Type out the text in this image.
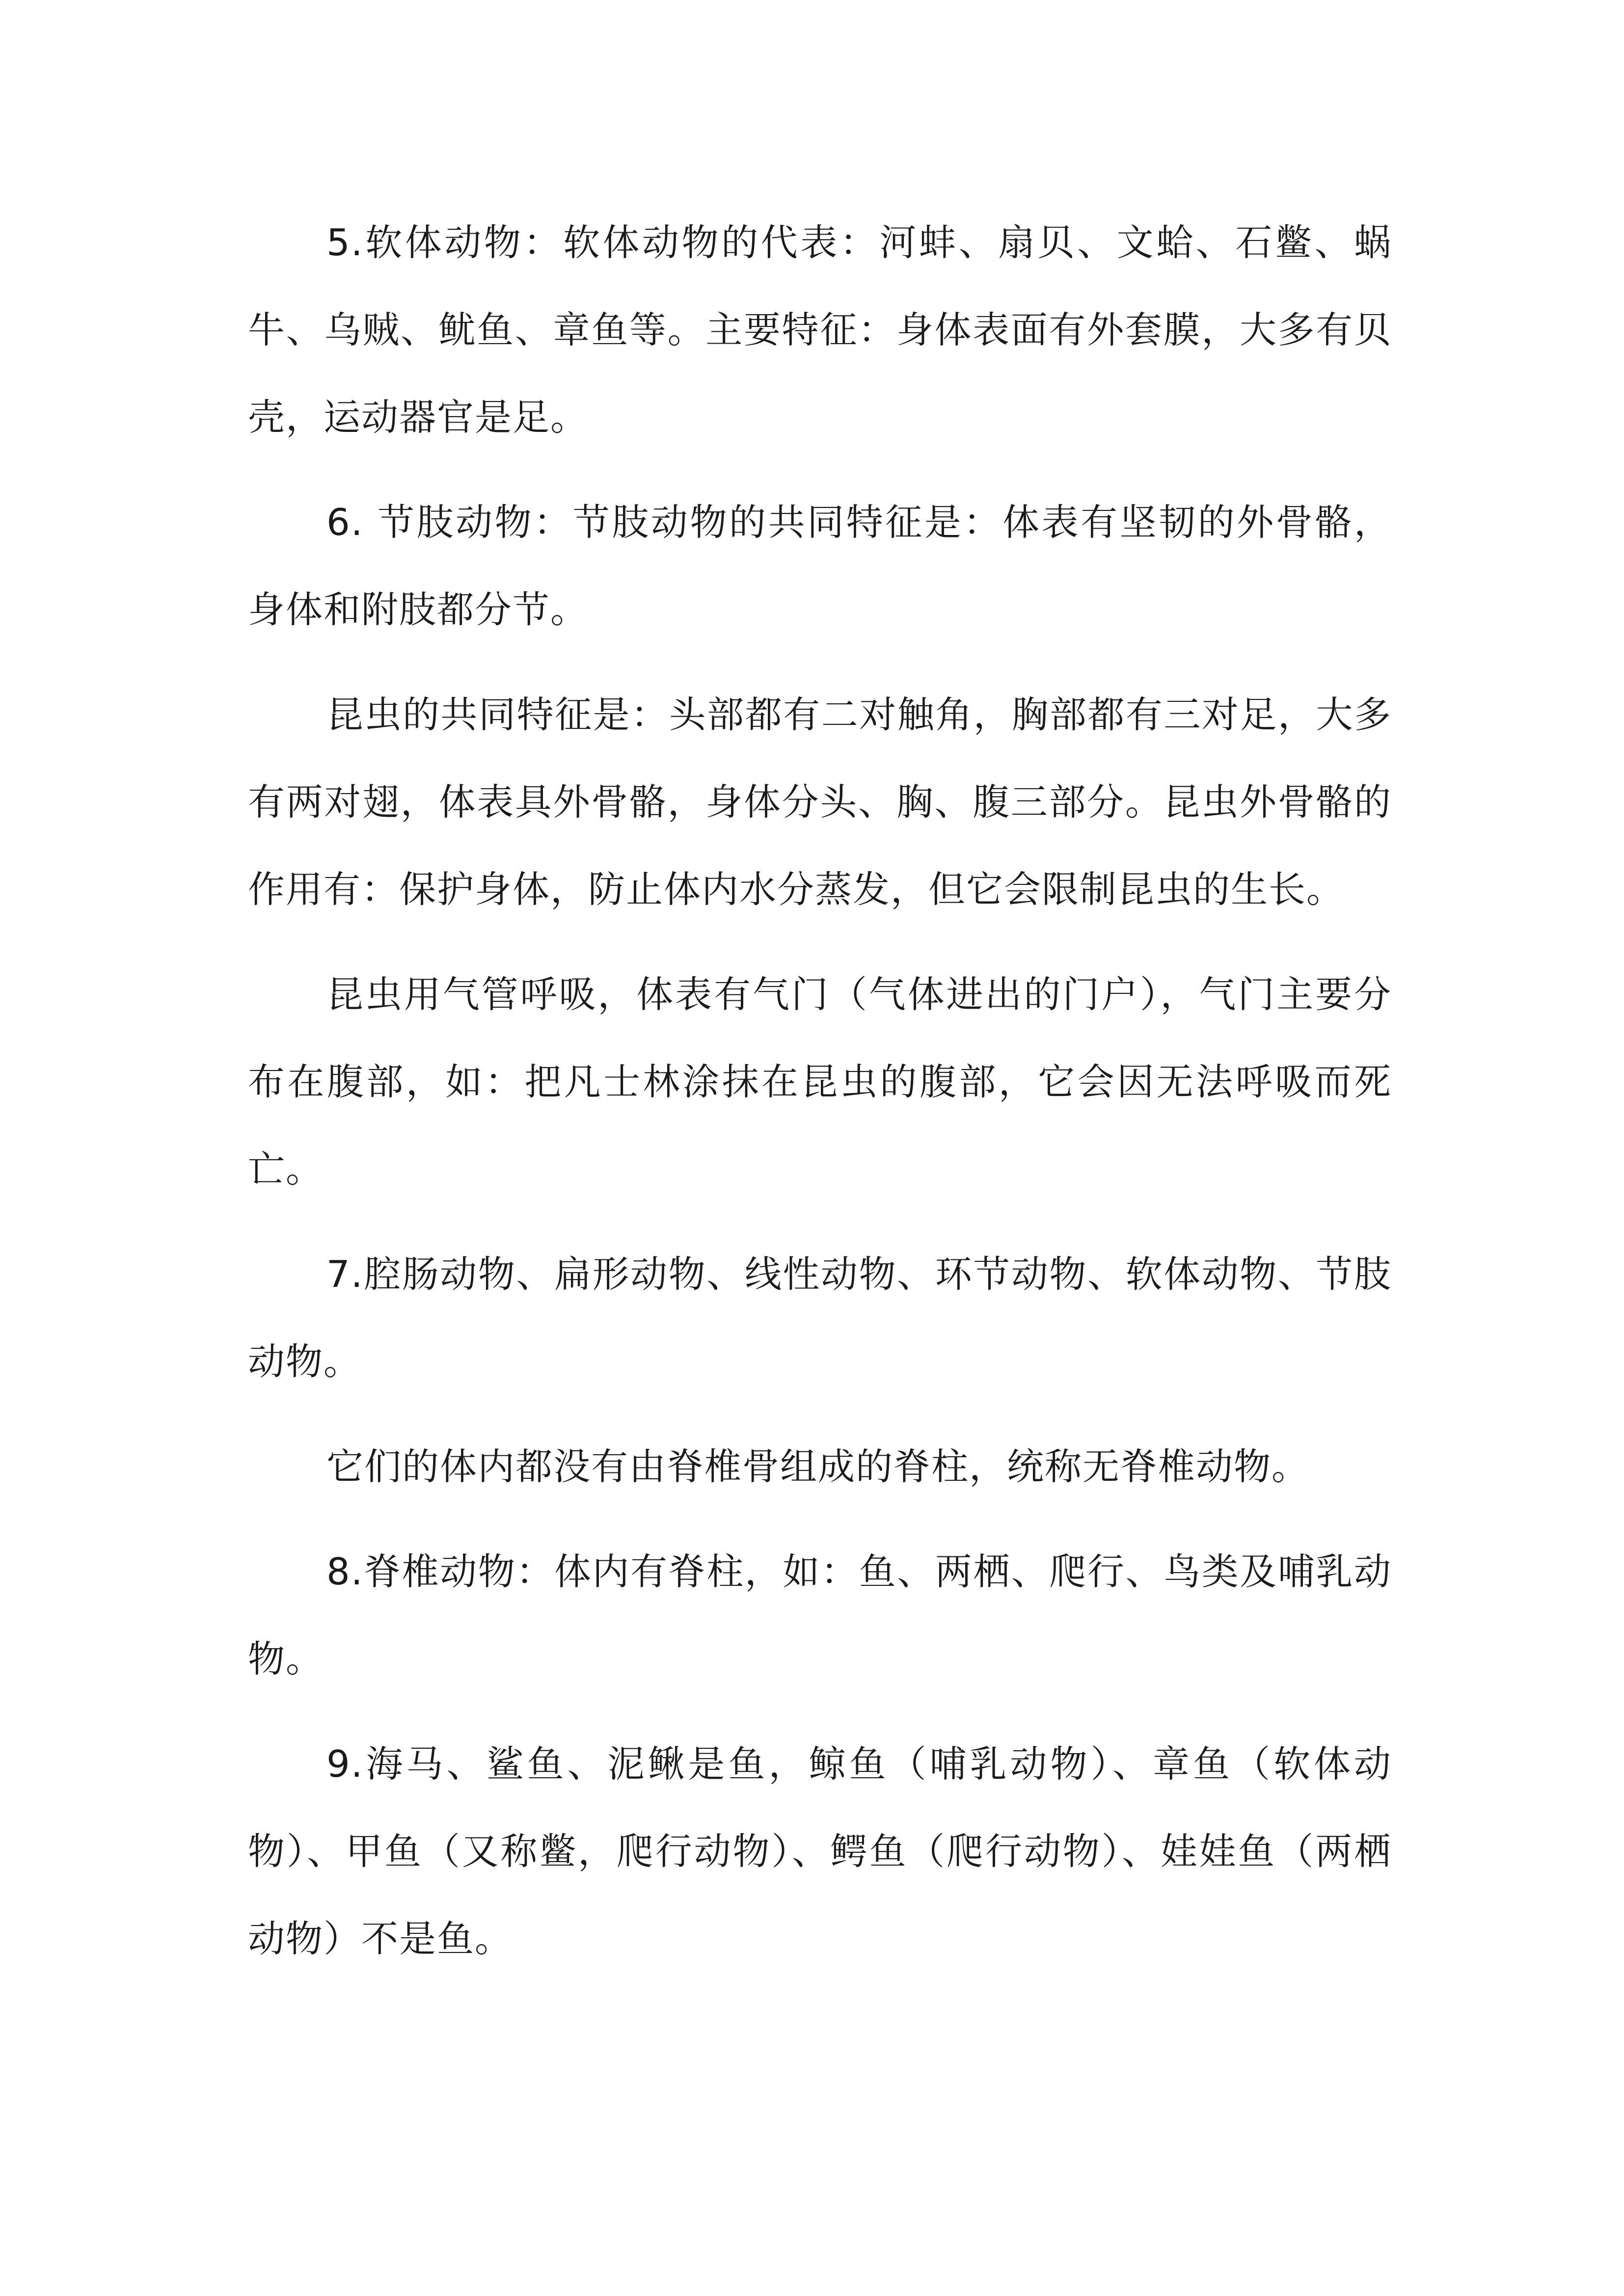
5.软体动物：软体动物的代表：河蚌、扇贝、文蛤、石鳖、蜗牛、乌贼、鱿鱼、章鱼等。主要特征：身体表面有外套膜，大多有贝壳，运动器官是足。

6. 节肢动物：节肢动物的共同特征是：体表有坚韧的外骨骼，身体和附肢都分节。

昆虫的共同特征是：头部都有二对触角，胸部都有三对足，大多有两对翅，体表具外骨骼，身体分头、胸、腹三部分。昆虫外骨骼的作用有：保护身体，防止体内水分蒸发，但它会限制昆虫的生长。

昆虫用气管呼吸，体表有气门（气体进出的门户），气门主要分布在腹部，如：把凡士林涂抹在昆虫的腹部，它会因无法呼吸而死亡。

7.腔肠动物、扁形动物、线性动物、环节动物、软体动物、节肢动物。

它们的体内都没有由脊椎骨组成的脊柱，统称无脊椎动物。

8.脊椎动物：体内有脊柱，如：鱼、两栖、爬行、鸟类及哺乳动物。

9.海马、鲨鱼、泥鳅是鱼，鲸鱼（哺乳动物）、章鱼（软体动物）、甲鱼（又称鳖，爬行动物）、鳄鱼（爬行动物）、娃娃鱼（两栖动物）不是鱼。
